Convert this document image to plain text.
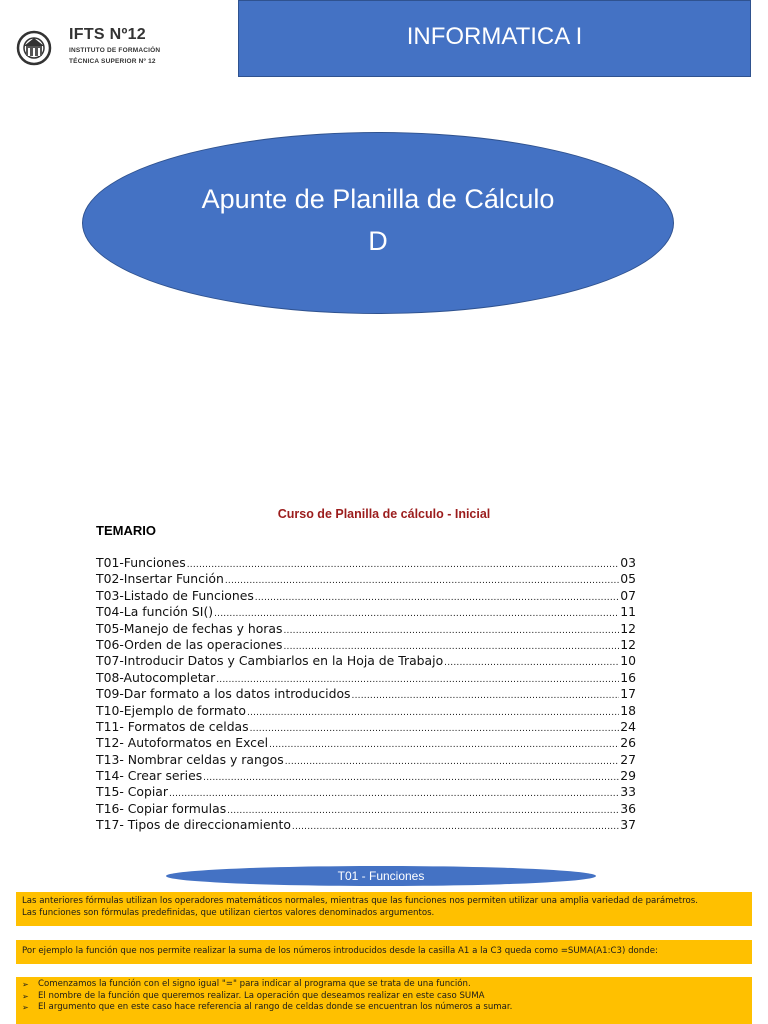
IFTS Nº12
INSTITUTO DE FORMACIÓN
TÉCNICA SUPERIOR Nº 12
INFORMATICA I
Apunte de Planilla de Cálculo
D
Curso de Planilla de cálculo - Inicial
TEMARIO
T01-Funciones .....	03
T02-Insertar Función .....	05
T03-Listado de Funciones .....	07
T04-La función SI() .....	11
T05-Manejo de fechas y horas .....	12
T06-Orden de las operaciones .....	12
T07-Introducir Datos y Cambiarlos en la Hoja de Trabajo .....	10
T08-Autocompletar .....	16
T09-Dar formato a los datos introducidos .....	17
T10-Ejemplo de formato .....	18
T11- Formatos de celdas .....	24
T12- Autoformatos en Excel .....	26
T13- Nombrar celdas y rangos .....	27
T14- Crear series .....	29
T15- Copiar .....	33
T16- Copiar formulas .....	36
T17- Tipos de direccionamiento .....	37
T01 - Funciones
Las anteriores fórmulas utilizan los operadores matemáticos normales, mientras que las funciones nos permiten utilizar una amplia variedad de parámetros.
Las funciones son fórmulas predefinidas, que utilizan ciertos valores denominados argumentos.
Por ejemplo la función que nos permite realizar la suma de los números introducidos desde la casilla A1 a la C3 queda como =SUMA(A1:C3) donde:
➢	Comenzamos la función con el signo igual "=" para indicar al programa que se trata de una función.
➢	El nombre de la función que queremos realizar. La operación que deseamos realizar en este caso SUMA
➢	El argumento que en este caso hace referencia al rango de celdas donde se encuentran los números a sumar.
